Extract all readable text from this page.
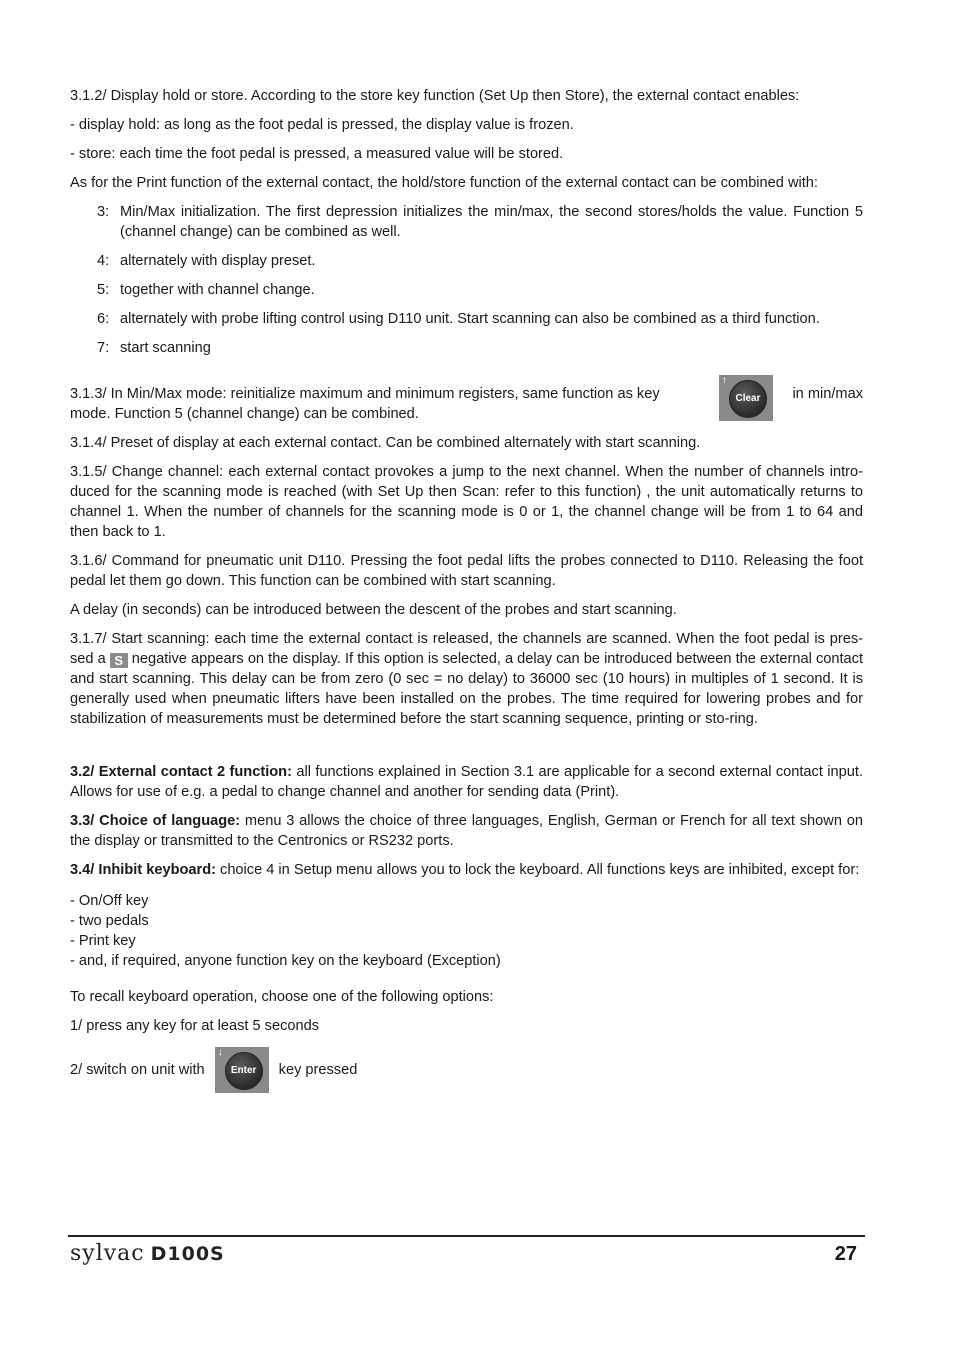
3.1.2/ Display hold or store. According to the store key function (Set Up then Store), the external contact enables:

- display hold: as long as the foot pedal is pressed, the display value is frozen.

- store: each time the foot pedal is pressed, a measured value will be stored.

As for the Print function of the external contact, the hold/store function of the external contact can be combined with:

3: Min/Max initialization. The first depression initializes the min/max, the second stores/holds the value. Function 5 (channel change) can be combined as well.
4: alternately with display preset.
5: together with channel change.
6: alternately with probe lifting control using D110 unit. Start scanning can also be combined as a third function.
7: start scanning

3.1.3/ In Min/Max mode: reinitialize maximum and minimum registers, same function as key

↑
Clear	in min/max

mode. Function 5 (channel change) can be combined.

3.1.4/ Preset of display at each external contact. Can be combined alternately with start scanning.

3.1.5/ Change channel: each external contact provokes a jump to the next channel. When the number of channels intro-duced for the scanning mode is reached (with Set Up then Scan: refer to this function) , the unit automatically returns to channel 1. When the number of channels for the scanning mode is 0 or 1, the channel change will be from 1 to 64 and then back to 1.

3.1.6/ Command for pneumatic unit D110. Pressing the foot pedal lifts the probes connected to D110. Releasing the foot pedal let them go down. This function can be combined with start scanning.

A delay (in seconds) can be introduced between the descent of the probes and start scanning.

3.1.7/ Start scanning: each time the external contact is released, the channels are scanned. When the foot pedal is pres-sed a S negative appears on the display. If this option is selected, a delay can be introduced between the external contact and start scanning. This delay can be from zero (0 sec = no delay) to 36000 sec (10 hours) in multiples of 1 second. It is generally used when pneumatic lifters have been installed on the probes. The time required for lowering probes and for stabilization of measurements must be determined before the start scanning sequence, printing or sto-ring.

3.2/ External contact 2 function: all functions explained in Section 3.1 are applicable for a second external contact input. Allows for use of e.g. a pedal to change channel and another for sending data (Print).

3.3/ Choice of language: menu 3 allows the choice of three languages, English, German or French for all text shown on the display or transmitted to the Centronics or RS232 ports.

3.4/ Inhibit keyboard: choice 4 in Setup menu allows you to lock the keyboard. All functions keys are inhibited, except for:

- On/Off key
- two pedals
- Print key
- and, if required, anyone function key on the keyboard (Exception)

To recall keyboard operation, choose one of the following options:

1/ press any key for at least 5 seconds

2/ switch on unit with
↓
Enter	key pressed
sylvac D100S	27
